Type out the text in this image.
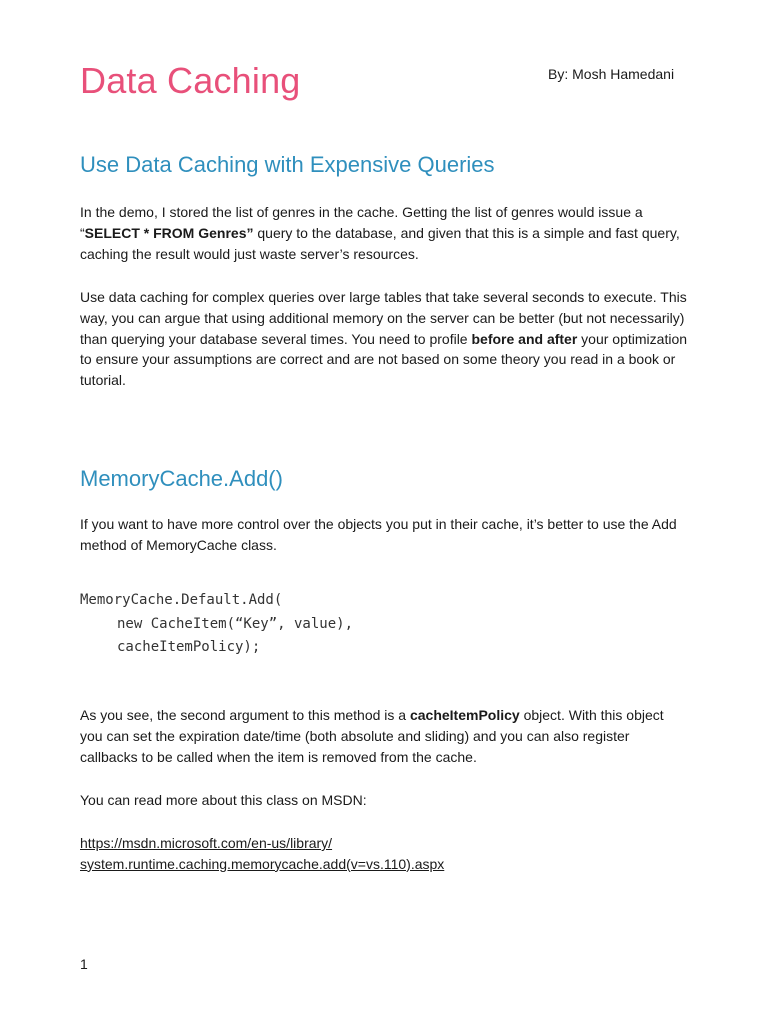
Data Caching	By: Mosh Hamedani
Use Data Caching with Expensive Queries

In the demo, I stored the list of genres in the cache. Getting the list of genres would issue a “SELECT * FROM Genres” query to the database, and given that this is a simple and fast query, caching the result would just waste server’s resources.

Use data caching for complex queries over large tables that take several seconds to execute. This way, you can argue that using additional memory on the server can be better (but not necessarily) than querying your database several times. You need to profile before and after your optimization to ensure your assumptions are correct and are not based on some theory you read in a book or tutorial.

MemoryCache.Add()

If you want to have more control over the objects you put in their cache, it’s better to use the Add method of MemoryCache class.

MemoryCache.Default.Add(
new CacheItem(“Key”, value),
cacheItemPolicy);

As you see, the second argument to this method is a cacheItemPolicy object. With this object you can set the expiration date/time (both absolute and sliding) and you can also register callbacks to be called when the item is removed from the cache.

You can read more about this class on MSDN:

https://msdn.microsoft.com/en-us/library/
system.runtime.caching.memorycache.add(v=vs.110).aspx
1
